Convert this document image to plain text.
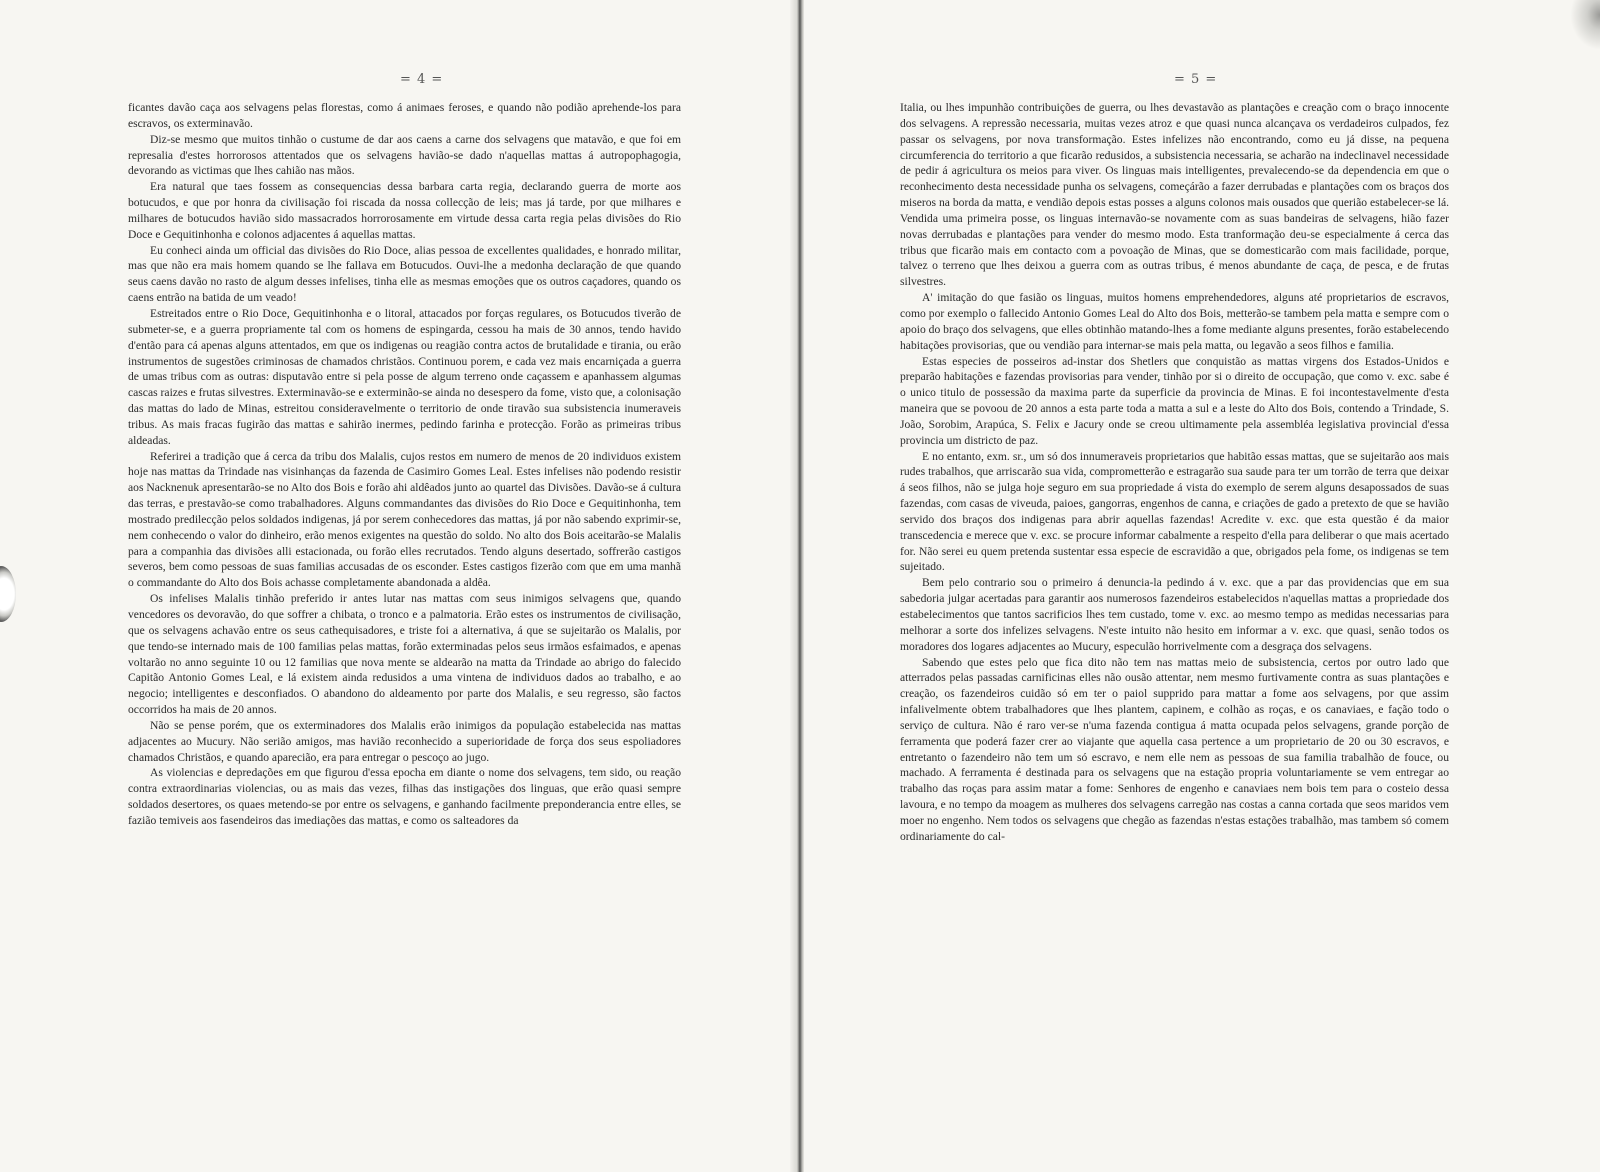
= 4 =

ficantes davão caça aos selvagens pelas florestas, como á animaes feroses, e quando não podião aprehende-los para escravos, os exterminavão.

Diz-se mesmo que muitos tinhão o custume de dar aos caens a carne dos selvagens que matavão, e que foi em represalia d'estes horrorosos attentados que os selvagens havião-se dado n'aquellas mattas á autropophagogia, devorando as victimas que lhes cahião nas mãos.

Era natural que taes fossem as consequencias dessa barbara carta regia, declarando guerra de morte aos botucudos, e que por honra da civilisação foi riscada da nossa collecção de leis; mas já tarde, por que milhares e milhares de botucudos havião sido massacrados horrorosamente em virtude dessa carta regia pelas divisões do Rio Doce e Gequitinhonha e colonos adjacentes á aquellas mattas.

Eu conheci ainda um official das divisões do Rio Doce, alias pessoa de excellentes qualidades, e honrado militar, mas que não era mais homem quando se lhe fallava em Botucudos. Ouvi-lhe a medonha declaração de que quando seus caens davão no rasto de algum desses infelises, tinha elle as mesmas emoções que os outros caçadores, quando os caens entrão na batida de um veado!

Estreitados entre o Rio Doce, Gequitinhonha e o litoral, attacados por forças regulares, os Botucudos tiverão de submeter-se, e a guerra propriamente tal com os homens de espingarda, cessou ha mais de 30 annos, tendo havido d'então para cá apenas alguns attentados, em que os indigenas ou reagião contra actos de brutalidade e tirania, ou erão instrumentos de sugestões criminosas de chamados christãos. Continuou porem, e cada vez mais encarniçada a guerra de umas tribus com as outras: disputavão entre si pela posse de algum terreno onde caçassem e apanhassem algumas cascas raizes e frutas silvestres. Exterminavão-se e exterminão-se ainda no desespero da fome, visto que, a colonisação das mattas do lado de Minas, estreitou consideravelmente o territorio de onde tiravão sua subsistencia inumeraveis tribus. As mais fracas fugirão das mattas e sahirão inermes, pedindo farinha e protecção. Forão as primeiras tribus aldeadas.

Referirei a tradição que á cerca da tribu dos Malalis, cujos restos em numero de menos de 20 individuos existem hoje nas mattas da Trindade nas visinhanças da fazenda de Casimiro Gomes Leal. Estes infelises não podendo resistir aos Nacknenuk apresentarão-se no Alto dos Bois e forão ahi aldêados junto ao quartel das Divisões. Davão-se á cultura das terras, e prestavão-se como trabalhadores. Alguns commandantes das divisões do Rio Doce e Gequitinhonha, tem mostrado predilecção pelos soldados indigenas, já por serem conhecedores das mattas, já por não sabendo exprimir-se, nem conhecendo o valor do dinheiro, erão menos exigentes na questão do soldo. No alto dos Bois aceitarão-se Malalis para a companhia das divisões alli estacionada, ou forão elles recrutados. Tendo alguns desertado, soffrerão castigos severos, bem como pessoas de suas familias accusadas de os esconder. Estes castigos fizerão com que em uma manhã o commandante do Alto dos Bois achasse completamente abandonada a aldêa.

Os infelises Malalis tinhão preferido ir antes lutar nas mattas com seus inimigos selvagens que, quando vencedores os devoravão, do que soffrer a chibata, o tronco e a palmatoria. Erão estes os instrumentos de civilisação, que os selvagens achavão entre os seus cathequisadores, e triste foi a alternativa, á que se sujeitarão os Malalis, por que tendo-se internado mais de 100 familias pelas mattas, forão exterminadas pelos seus irmãos esfaimados, e apenas voltarão no anno seguinte 10 ou 12 familias que nova mente se aldearão na matta da Trindade ao abrigo do falecido Capitão Antonio Gomes Leal, e lá existem ainda redusidos a uma vintena de individuos dados ao trabalho, e ao negocio; intelligentes e desconfiados. O abandono do aldeamento por parte dos Malalis, e seu regresso, são factos occorridos ha mais de 20 annos.

Não se pense porém, que os exterminadores dos Malalis erão inimigos da população estabelecida nas mattas adjacentes ao Mucury. Não serião amigos, mas havião reconhecido a superioridade de força dos seus espoliadores chamados Christãos, e quando aparecião, era para entregar o pescoço ao jugo.

As violencias e depredações em que figurou d'essa epocha em diante o nome dos selvagens, tem sido, ou reação contra extraordinarias violencias, ou as mais das vezes, filhas das instigações dos linguas, que erão quasi sempre soldados desertores, os quaes metendo-se por entre os selvagens, e ganhando facilmente preponderancia entre elles, se fazião temiveis aos fasendeiros das imediações das mattas, e como os salteadores da

= 5 =

Italia, ou lhes impunhão contribuições de guerra, ou lhes devastavão as plantações e creação com o braço innocente dos selvagens. A repressão necessaria, muitas vezes atroz e que quasi nunca alcançava os verdadeiros culpados, fez passar os selvagens, por nova transformação. Estes infelizes não encontrando, como eu já disse, na pequena circumferencia do territorio a que ficarão redusidos, a subsistencia necessaria, se acharão na indeclinavel necessidade de pedir á agricultura os meios para viver. Os linguas mais intelligentes, prevalecendo-se da dependencia em que o reconhecimento desta necessidade punha os selvagens, começárão a fazer derrubadas e plantações com os braços dos miseros na borda da matta, e vendião depois estas posses a alguns colonos mais ousados que querião estabelecer-se lá. Vendida uma primeira posse, os linguas internavão-se novamente com as suas bandeiras de selvagens, hião fazer novas derrubadas e plantações para vender do mesmo modo. Esta tranformação deu-se especialmente á cerca das tribus que ficarão mais em contacto com a povoação de Minas, que se domesticarão com mais facilidade, porque, talvez o terreno que lhes deixou a guerra com as outras tribus, é menos abundante de caça, de pesca, e de frutas silvestres.

A' imitação do que fasião os linguas, muitos homens emprehendedores, alguns até proprietarios de escravos, como por exemplo o fallecido Antonio Gomes Leal do Alto dos Bois, metterão-se tambem pela matta e sempre com o apoio do braço dos selvagens, que elles obtinhão matando-lhes a fome mediante alguns presentes, forão estabelecendo habitações provisorias, que ou vendião para internar-se mais pela matta, ou legavão a seos filhos e familia.

Estas especies de posseiros ad-instar dos Shetlers que conquistão as mattas virgens dos Estados-Unidos e preparão habitações e fazendas provisorias para vender, tinhão por si o direito de occupação, que como v. exc. sabe é o unico titulo de possessão da maxima parte da superficie da provincia de Minas. E foi incontestavelmente d'esta maneira que se povoou de 20 annos a esta parte toda a matta a sul e a leste do Alto dos Bois, contendo a Trindade, S. João, Sorobim, Arapúca, S. Felix e Jacury onde se creou ultimamente pela assembléa legislativa provincial d'essa provincia um districto de paz.

E no entanto, exm. sr., um só dos innumeraveis proprietarios que habitão essas mattas, que se sujeitarão aos mais rudes trabalhos, que arriscarão sua vida, comprometterão e estragarão sua saude para ter um torrão de terra que deixar á seos filhos, não se julga hoje seguro em sua propriedade á vista do exemplo de serem alguns desapossados de suas fazendas, com casas de viveuda, paioes, gangorras, engenhos de canna, e criações de gado a pretexto de que se havião servido dos braços dos indigenas para abrir aquellas fazendas! Acredite v. exc. que esta questão é da maior transcedencia e merece que v. exc. se procure informar cabalmente a respeito d'ella para deliberar o que mais acertado for. Não serei eu quem pretenda sustentar essa especie de escravidão a que, obrigados pela fome, os indigenas se tem sujeitado.

Bem pelo contrario sou o primeiro á denuncia-la pedindo á v. exc. que a par das providencias que em sua sabedoria julgar acertadas para garantir aos numerosos fazendeiros estabelecidos n'aquellas mattas a propriedade dos estabelecimentos que tantos sacrificios lhes tem custado, tome v. exc. ao mesmo tempo as medidas necessarias para melhorar a sorte dos infelizes selvagens. N'este intuito não hesito em informar a v. exc. que quasi, senão todos os moradores dos logares adjacentes ao Mucury, especulão horrivelmente com a desgraça dos selvagens.

Sabendo que estes pelo que fica dito não tem nas mattas meio de subsistencia, certos por outro lado que atterrados pelas passadas carnificinas elles não ousão attentar, nem mesmo furtivamente contra as suas plantações e creação, os fazendeiros cuidão só em ter o paiol supprido para mattar a fome aos selvagens, por que assim infalivelmente obtem trabalhadores que lhes plantem, capinem, e colhão as roças, e os canaviaes, e fação todo o serviço de cultura. Não é raro ver-se n'uma fazenda contigua á matta ocupada pelos selvagens, grande porção de ferramenta que poderá fazer crer ao viajante que aquella casa pertence a um proprietario de 20 ou 30 escravos, e entretanto o fazendeiro não tem um só escravo, e nem elle nem as pessoas de sua familia trabalhão de fouce, ou machado. A ferramenta é destinada para os selvagens que na estação propria voluntariamente se vem entregar ao trabalho das roças para assim matar a fome: Senhores de engenho e canaviaes nem bois tem para o costeio dessa lavoura, e no tempo da moagem as mulheres dos selvagens carregão nas costas a canna cortada que seos maridos vem moer no engenho. Nem todos os selvagens que chegão as fazendas n'estas estações trabalhão, mas tambem só comem ordinariamente do cal-
